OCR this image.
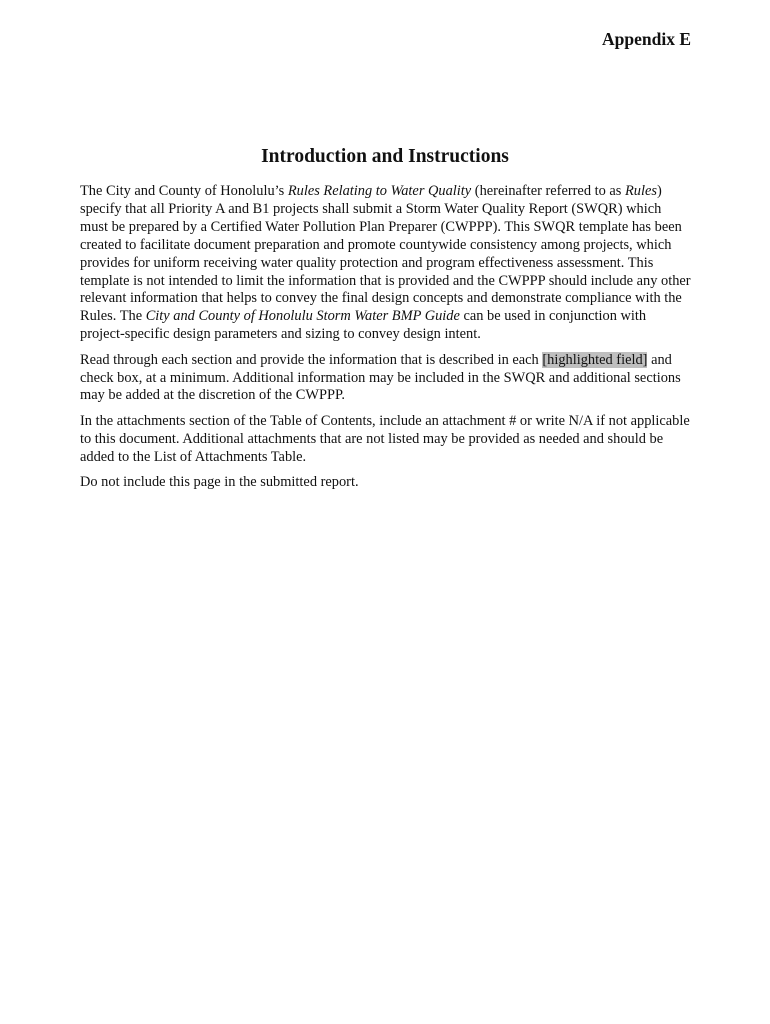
Appendix E

Introduction and Instructions

The City and County of Honolulu’s Rules Relating to Water Quality (hereinafter referred to as Rules) specify that all Priority A and B1 projects shall submit a Storm Water Quality Report (SWQR) which must be prepared by a Certified Water Pollution Plan Preparer (CWPPP). This SWQR template has been created to facilitate document preparation and promote countywide consistency among projects, which provides for uniform receiving water quality protection and program effectiveness assessment. This template is not intended to limit the information that is provided and the CWPPP should include any other relevant information that helps to convey the final design concepts and demonstrate compliance with the Rules. The City and County of Honolulu Storm Water BMP Guide can be used in conjunction with project-specific design parameters and sizing to convey design intent.

Read through each section and provide the information that is described in each [highlighted field] and check box, at a minimum. Additional information may be included in the SWQR and additional sections may be added at the discretion of the CWPPP.

In the attachments section of the Table of Contents, include an attachment # or write N/A if not applicable to this document. Additional attachments that are not listed may be provided as needed and should be added to the List of Attachments Table.

Do not include this page in the submitted report.
